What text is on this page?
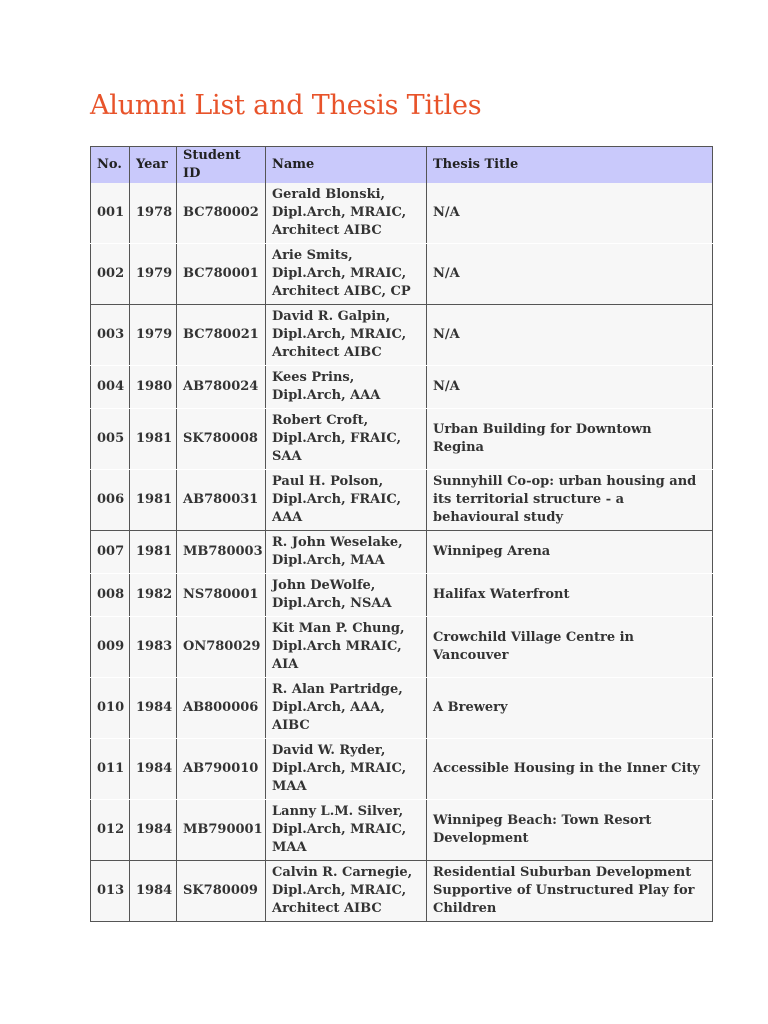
Alumni List and Thesis Titles
No.	Year	Student ID	Name	Thesis Title
001	1978	BC780002	Gerald Blonski, Dipl.Arch, MRAIC, Architect AIBC	N/A
002	1979	BC780001	Arie Smits, Dipl.Arch, MRAIC, Architect AIBC, CP	N/A
003	1979	BC780021	David R. Galpin, Dipl.Arch, MRAIC, Architect AIBC	N/A
004	1980	AB780024	Kees Prins, Dipl.Arch, AAA	N/A
005	1981	SK780008	Robert Croft, Dipl.Arch, FRAIC, SAA	Urban Building for Downtown Regina
006	1981	AB780031	Paul H. Polson, Dipl.Arch, FRAIC, AAA	Sunnyhill Co-op: urban housing and its territorial structure - a behavioural study
007	1981	MB780003	R. John Weselake, Dipl.Arch, MAA	Winnipeg Arena
008	1982	NS780001	John DeWolfe, Dipl.Arch, NSAA	Halifax Waterfront
009	1983	ON780029	Kit Man P. Chung, Dipl.Arch MRAIC, AIA	Crowchild Village Centre in Vancouver
010	1984	AB800006	R. Alan Partridge, Dipl.Arch, AAA, AIBC	A Brewery
011	1984	AB790010	David W. Ryder, Dipl.Arch, MRAIC, MAA	Accessible Housing in the Inner City
012	1984	MB790001	Lanny L.M. Silver, Dipl.Arch, MRAIC, MAA	Winnipeg Beach: Town Resort Development
013	1984	SK780009	Calvin R. Carnegie, Dipl.Arch, MRAIC, Architect AIBC	Residential Suburban Development Supportive of Unstructured Play for Children
